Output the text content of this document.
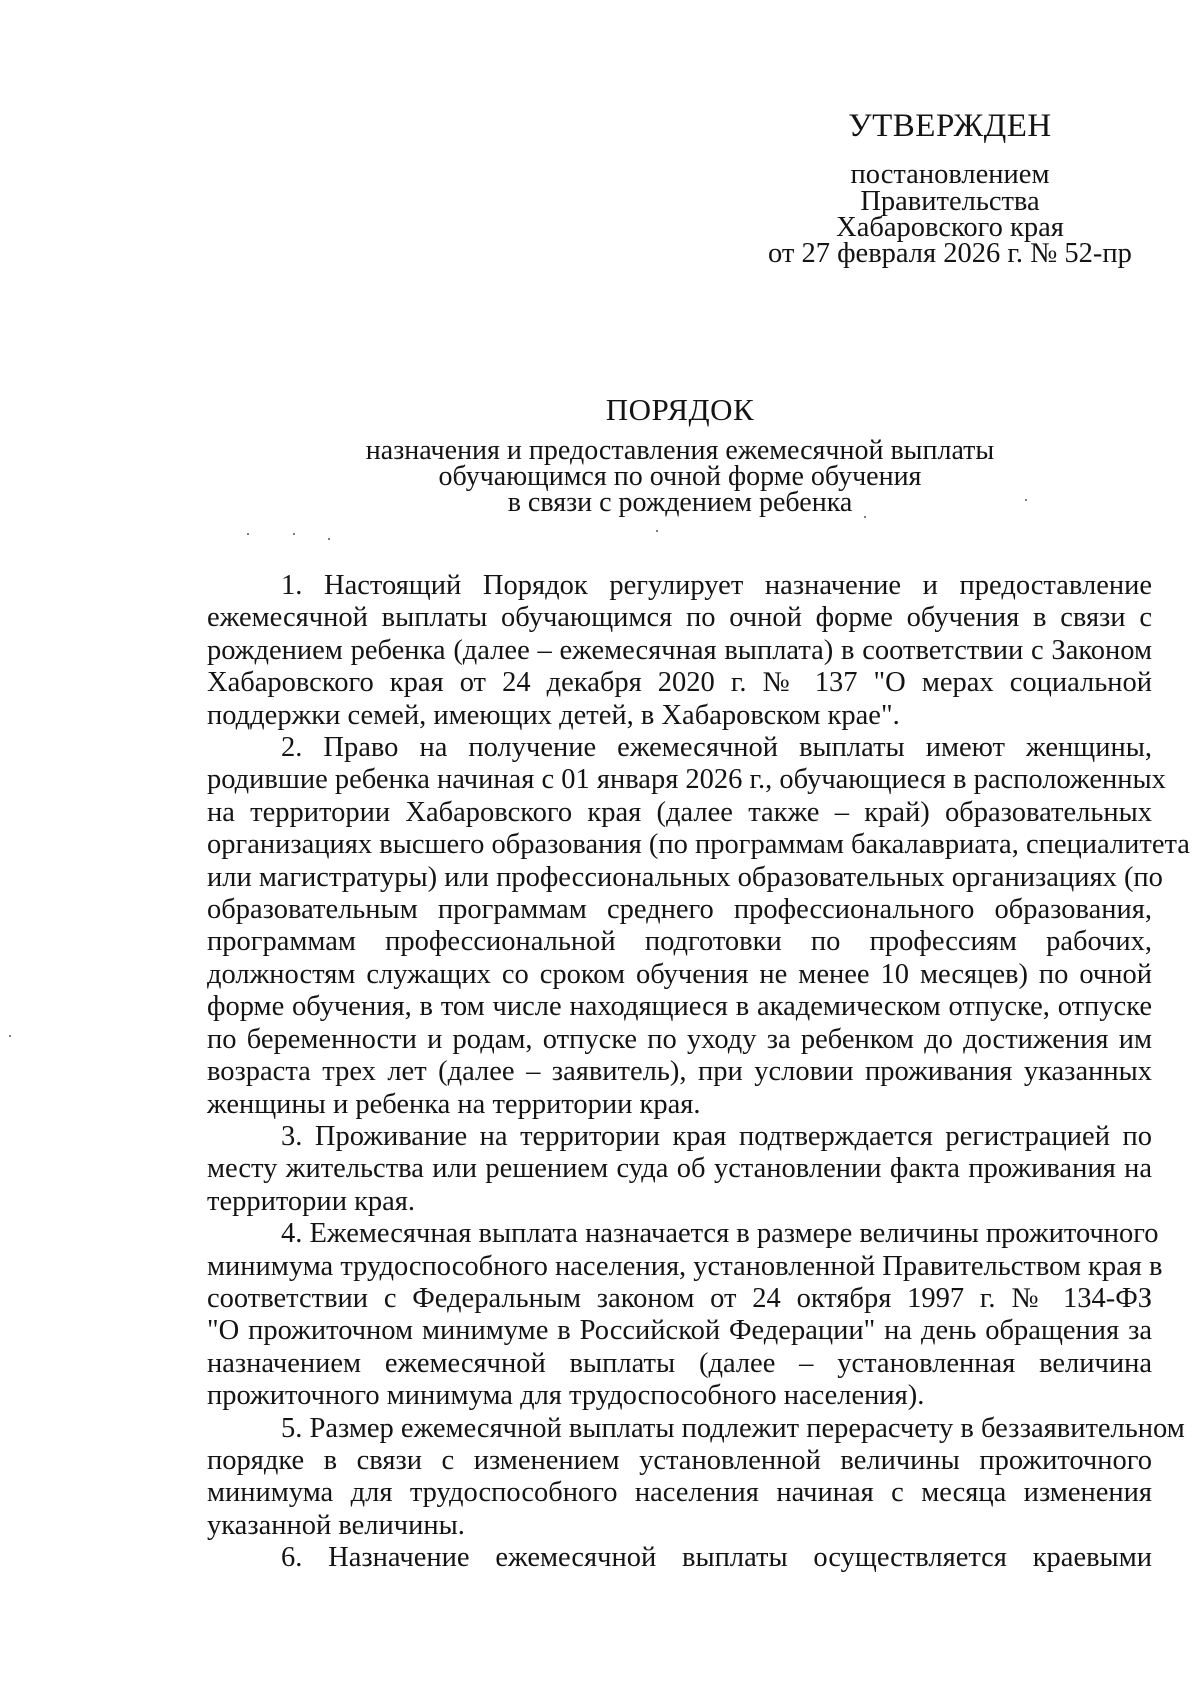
УТВЕРЖДЕН
постановлением
Правительства
Хабаровского края
от 27 февраля 2026 г. № 52-пр
ПОРЯДОК
назначения и предоставления ежемесячной выплаты
обучающимся по очной форме обучения
в связи с рождением ребенка
1. Настоящий Порядок регулирует назначение и предоставление
ежемесячной выплаты обучающимся по очной форме обучения в связи с
рождением ребенка (далее – ежемесячная выплата) в соответствии с Законом
Хабаровского края от 24 декабря 2020 г. № 137 "О мерах социальной
поддержки семей, имеющих детей, в Хабаровском крае".
2. Право на получение ежемесячной выплаты имеют женщины,
родившие ребенка начиная с 01 января 2026 г., обучающиеся в расположенных
на территории Хабаровского края (далее также – край) образовательных
организациях высшего образования (по программам бакалавриата, специалитета
или магистратуры) или профессиональных образовательных организациях (по
образовательным программам среднего профессионального образования,
программам профессиональной подготовки по профессиям рабочих,
должностям служащих со сроком обучения не менее 10 месяцев) по очной
форме обучения, в том числе находящиеся в академическом отпуске, отпуске
по беременности и родам, отпуске по уходу за ребенком до достижения им
возраста трех лет (далее – заявитель), при условии проживания указанных
женщины и ребенка на территории края.
3. Проживание на территории края подтверждается регистрацией по
месту жительства или решением суда об установлении факта проживания на
территории края.
4. Ежемесячная выплата назначается в размере величины прожиточного
минимума трудоспособного населения, установленной Правительством края в
соответствии с Федеральным законом от 24 октября 1997 г. № 134-ФЗ
"О прожиточном минимуме в Российской Федерации" на день обращения за
назначением ежемесячной выплаты (далее – установленная величина
прожиточного минимума для трудоспособного населения).
5. Размер ежемесячной выплаты подлежит перерасчету в беззаявительном
порядке в связи с изменением установленной величины прожиточного
минимума для трудоспособного населения начиная с месяца изменения
указанной величины.
6. Назначение ежемесячной выплаты осуществляется краевыми
